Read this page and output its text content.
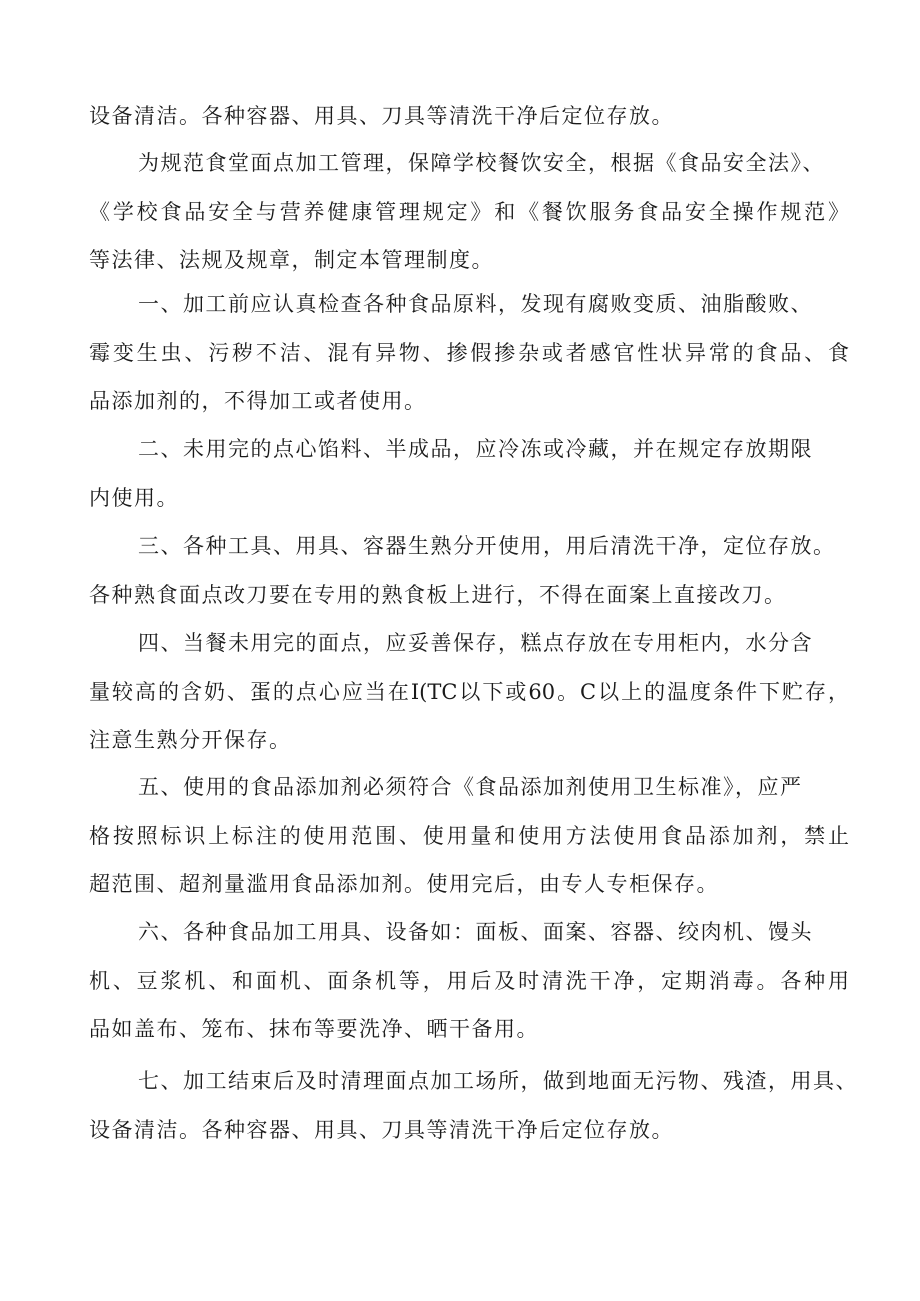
设备清洁。各种容器、用具、刀具等清洗干净后定位存放。

为规范食堂面点加工管理，保障学校餐饮安全，根据《食品安全法》、
《学校食品安全与营养健康管理规定》和《餐饮服务食品安全操作规范》
等法律、法规及规章，制定本管理制度。

一、加工前应认真检查各种食品原料，发现有腐败变质、油脂酸败、
霉变生虫、污秽不洁、混有异物、掺假掺杂或者感官性状异常的食品、食
品添加剂的，不得加工或者使用。

二、未用完的点心馅料、半成品，应冷冻或冷藏，并在规定存放期限
内使用。

三、各种工具、用具、容器生熟分开使用，用后清洗干净，定位存放。
各种熟食面点改刀要在专用的熟食板上进行，不得在面案上直接改刀。

四、当餐未用完的面点，应妥善保存，糕点存放在专用柜内，水分含
量较高的含奶、蛋的点心应当在I(TC以下或60。C以上的温度条件下贮存，
注意生熟分开保存。

五、使用的食品添加剂必须符合《食品添加剂使用卫生标准》，应严
格按照标识上标注的使用范围、使用量和使用方法使用食品添加剂，禁止
超范围、超剂量滥用食品添加剂。使用完后，由专人专柜保存。

六、各种食品加工用具、设备如：面板、面案、容器、绞肉机、馒头
机、豆浆机、和面机、面条机等，用后及时清洗干净，定期消毒。各种用
品如盖布、笼布、抹布等要洗净、晒干备用。

七、加工结束后及时清理面点加工场所，做到地面无污物、残渣，用具、
设备清洁。各种容器、用具、刀具等清洗干净后定位存放。
